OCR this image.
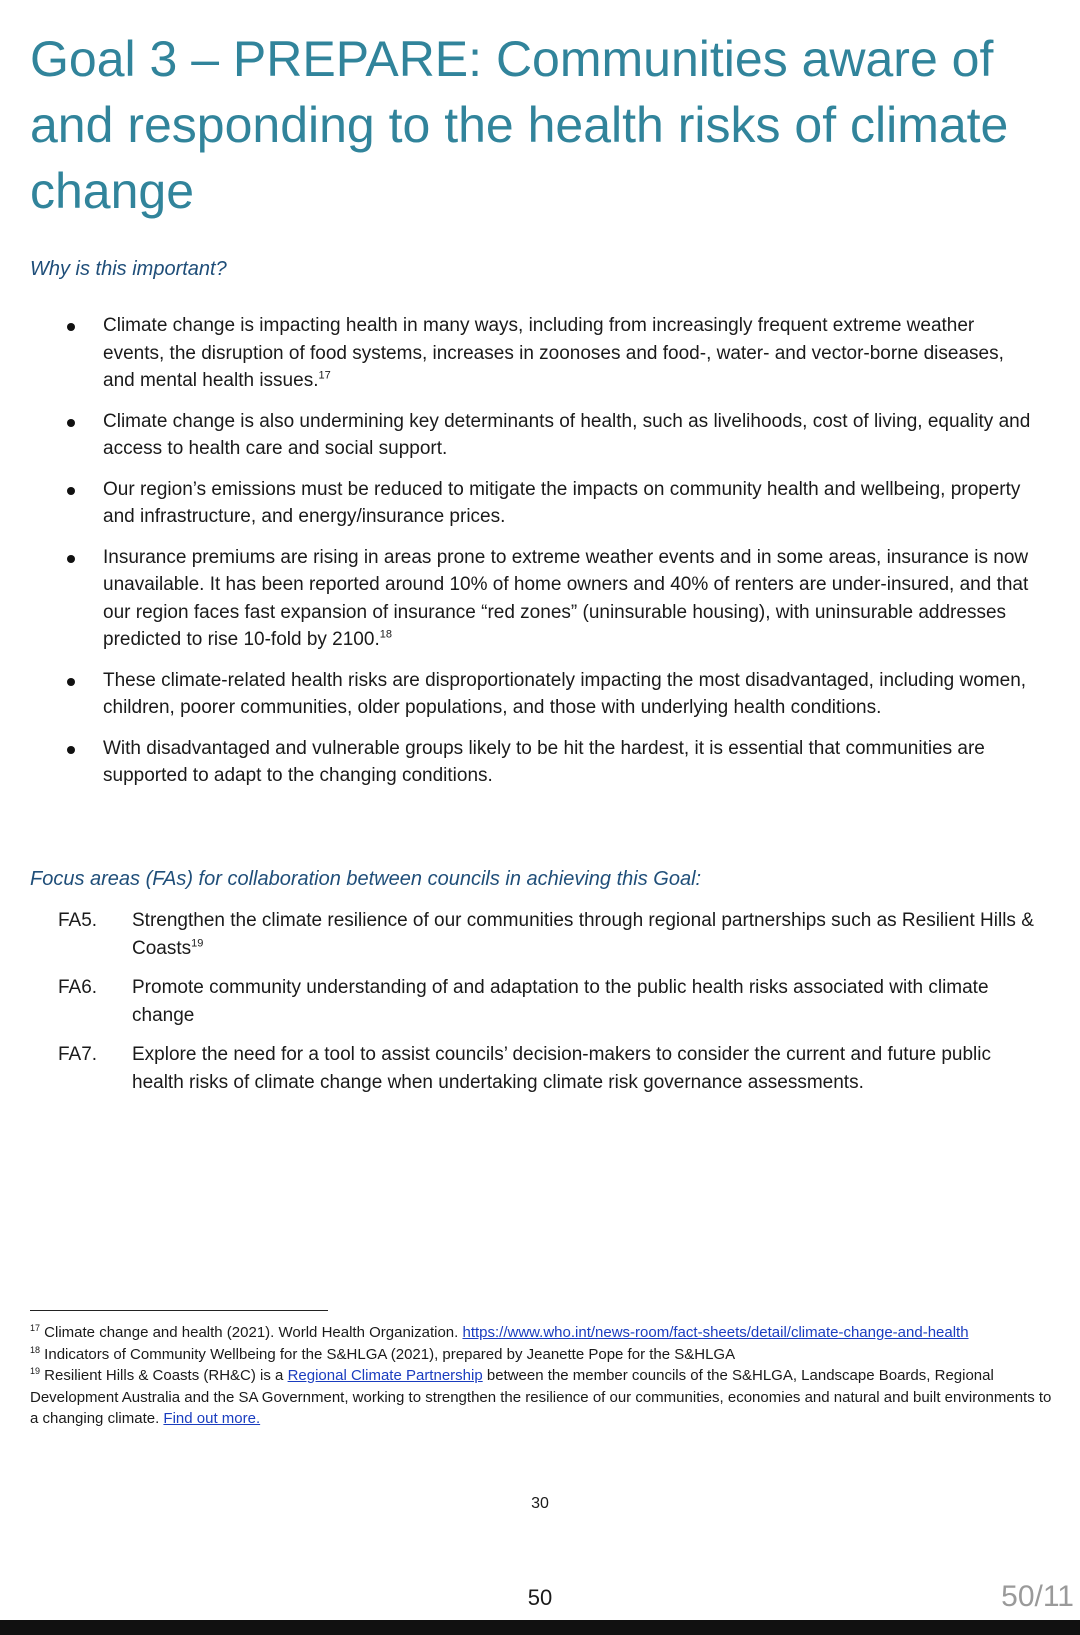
Goal 3 – PREPARE: Communities aware of and responding to the health risks of climate change
Why is this important?
Climate change is impacting health in many ways, including from increasingly frequent extreme weather events, the disruption of food systems, increases in zoonoses and food-, water- and vector-borne diseases, and mental health issues.$^{17}$
Climate change is also undermining key determinants of health, such as livelihoods, cost of living, equality and access to health care and social support.
Our region’s emissions must be reduced to mitigate the impacts on community health and wellbeing, property and infrastructure, and energy/insurance prices.
Insurance premiums are rising in areas prone to extreme weather events and in some areas, insurance is now unavailable. It has been reported around 10% of home owners and 40% of renters are under-insured, and that our region faces fast expansion of insurance “red zones” (uninsurable housing), with uninsurable addresses predicted to rise 10-fold by 2100.18
These climate-related health risks are disproportionately impacting the most disadvantaged, including women, children, poorer communities, older populations, and those with underlying health conditions.
With disadvantaged and vulnerable groups likely to be hit the hardest, it is essential that communities are supported to adapt to the changing conditions.
Focus areas (FAs) for collaboration between councils in achieving this Goal:
FA5. Strengthen the climate resilience of our communities through regional partnerships such as Resilient Hills & Coasts$^{19}$
FA6. Promote community understanding of and adaptation to the public health risks associated with climate change
FA7. Explore the need for a tool to assist councils’ decision-makers to consider the current and future public health risks of climate change when undertaking climate risk governance assessments.
$^{17}$ Climate change and health (2021). World Health Organization. https://www.who.int/news-room/fact-sheets/detail/climate-change-and-health
$^{18}$ Indicators of Community Wellbeing for the S&HLGA (2021), prepared by Jeanette Pope for the S&HLGA
$^{19}$ Resilient Hills & Coasts (RH&C) is a Regional Climate Partnership between the member councils of the S&HLGA, Landscape Boards, Regional Development Australia and the SA Government, working to strengthen the resilience of our communities, economies and natural and built environments to a changing climate. Find out more.
30
50	50/11
